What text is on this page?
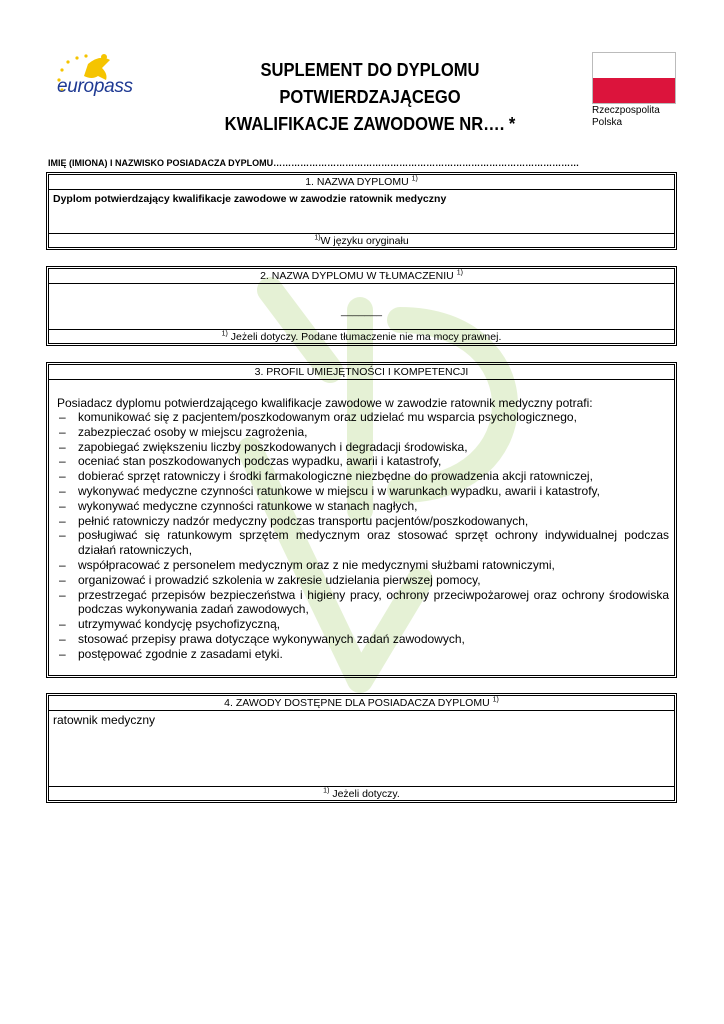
europass
SUPLEMENT DO DYPLOMU POTWIERDZAJĄCEGO
KWALIFIKACJE ZAWODOWE NR…. *
Rzeczpospolita
Polska
IMIĘ (IMIONA) I NAZWISKO POSIADACZA DYPLOMU…………………………………………………………………………………………
1. NAZWA DYPLOMU $^{1)}$
Dyplom potwierdzający kwalifikacje zawodowe w zawodzie ratownik medyczny
$^{1)}$W języku oryginału
2. NAZWA DYPLOMU W TŁUMACZENIU $^{1)}$
_______
$^{1)}$ Jeżeli dotyczy. Podane tłumaczenie nie ma mocy prawnej.
3. PROFIL UMIEJĘTNOŚCI I KOMPETENCJI
Posiadacz dyplomu potwierdzającego kwalifikacje zawodowe w zawodzie ratownik medyczny potrafi:
– komunikować się z pacjentem/poszkodowanym oraz udzielać mu wsparcia psychologicznego,
– zabezpieczać osoby w miejscu zagrożenia,
– zapobiegać zwiększeniu liczby poszkodowanych i degradacji środowiska,
– oceniać stan poszkodowanych podczas wypadku, awarii i katastrofy,
– dobierać sprzęt ratowniczy i środki farmakologiczne niezbędne do prowadzenia akcji ratowniczej,
– wykonywać medyczne czynności ratunkowe w miejscu i w warunkach wypadku, awarii i katastrofy,
– wykonywać medyczne czynności ratunkowe w stanach nagłych,
– pełnić ratowniczy nadzór medyczny podczas transportu pacjentów/poszkodowanych,
– posługiwać się ratunkowym sprzętem medycznym oraz stosować sprzęt ochrony indywidualnej podczas działań ratowniczych,
– współpracować z personelem medycznym oraz z nie medycznymi służbami ratowniczymi,
– organizować i prowadzić szkolenia w zakresie udzielania pierwszej pomocy,
– przestrzegać przepisów bezpieczeństwa i higieny pracy, ochrony przeciwpożarowej oraz ochrony środowiska podczas wykonywania zadań zawodowych,
– utrzymywać kondycję psychofizyczną,
– stosować przepisy prawa dotyczące wykonywanych zadań zawodowych,
– postępować zgodnie z zasadami etyki.
4. ZAWODY DOSTĘPNE DLA POSIADACZA DYPLOMU $^{1)}$
ratownik medyczny
$^{1)}$ Jeżeli dotyczy.
